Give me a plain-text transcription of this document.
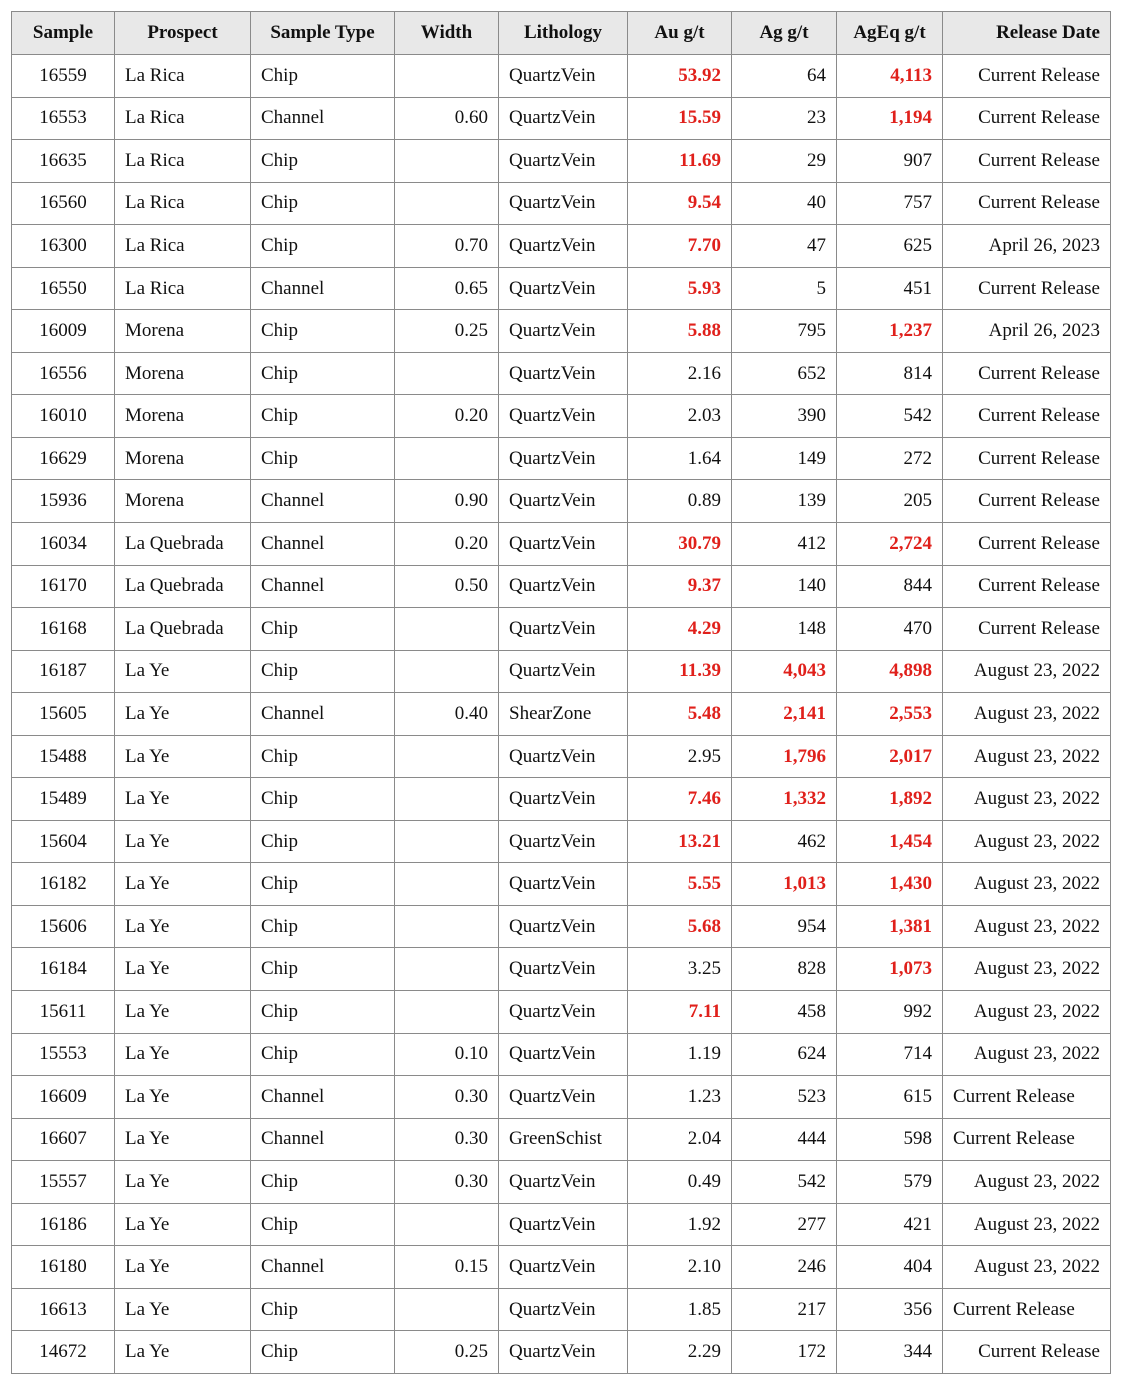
Sample	Prospect	Sample Type	Width	Lithology	Au g/t	Ag g/t	AgEq g/t	Release Date
16559	La Rica	Chip		QuartzVein	53.92	64	4,113	Current Release
16553	La Rica	Channel	0.60	QuartzVein	15.59	23	1,194	Current Release
16635	La Rica	Chip		QuartzVein	11.69	29	907	Current Release
16560	La Rica	Chip		QuartzVein	9.54	40	757	Current Release
16300	La Rica	Chip	0.70	QuartzVein	7.70	47	625	April 26, 2023
16550	La Rica	Channel	0.65	QuartzVein	5.93	5	451	Current Release
16009	Morena	Chip	0.25	QuartzVein	5.88	795	1,237	April 26, 2023
16556	Morena	Chip		QuartzVein	2.16	652	814	Current Release
16010	Morena	Chip	0.20	QuartzVein	2.03	390	542	Current Release
16629	Morena	Chip		QuartzVein	1.64	149	272	Current Release
15936	Morena	Channel	0.90	QuartzVein	0.89	139	205	Current Release
16034	La Quebrada	Channel	0.20	QuartzVein	30.79	412	2,724	Current Release
16170	La Quebrada	Channel	0.50	QuartzVein	9.37	140	844	Current Release
16168	La Quebrada	Chip		QuartzVein	4.29	148	470	Current Release
16187	La Ye	Chip		QuartzVein	11.39	4,043	4,898	August 23, 2022
15605	La Ye	Channel	0.40	ShearZone	5.48	2,141	2,553	August 23, 2022
15488	La Ye	Chip		QuartzVein	2.95	1,796	2,017	August 23, 2022
15489	La Ye	Chip		QuartzVein	7.46	1,332	1,892	August 23, 2022
15604	La Ye	Chip		QuartzVein	13.21	462	1,454	August 23, 2022
16182	La Ye	Chip		QuartzVein	5.55	1,013	1,430	August 23, 2022
15606	La Ye	Chip		QuartzVein	5.68	954	1,381	August 23, 2022
16184	La Ye	Chip		QuartzVein	3.25	828	1,073	August 23, 2022
15611	La Ye	Chip		QuartzVein	7.11	458	992	August 23, 2022
15553	La Ye	Chip	0.10	QuartzVein	1.19	624	714	August 23, 2022
16609	La Ye	Channel	0.30	QuartzVein	1.23	523	615	Current Release
16607	La Ye	Channel	0.30	GreenSchist	2.04	444	598	Current Release
15557	La Ye	Chip	0.30	QuartzVein	0.49	542	579	August 23, 2022
16186	La Ye	Chip		QuartzVein	1.92	277	421	August 23, 2022
16180	La Ye	Channel	0.15	QuartzVein	2.10	246	404	August 23, 2022
16613	La Ye	Chip		QuartzVein	1.85	217	356	Current Release
14672	La Ye	Chip	0.25	QuartzVein	2.29	172	344	Current Release
